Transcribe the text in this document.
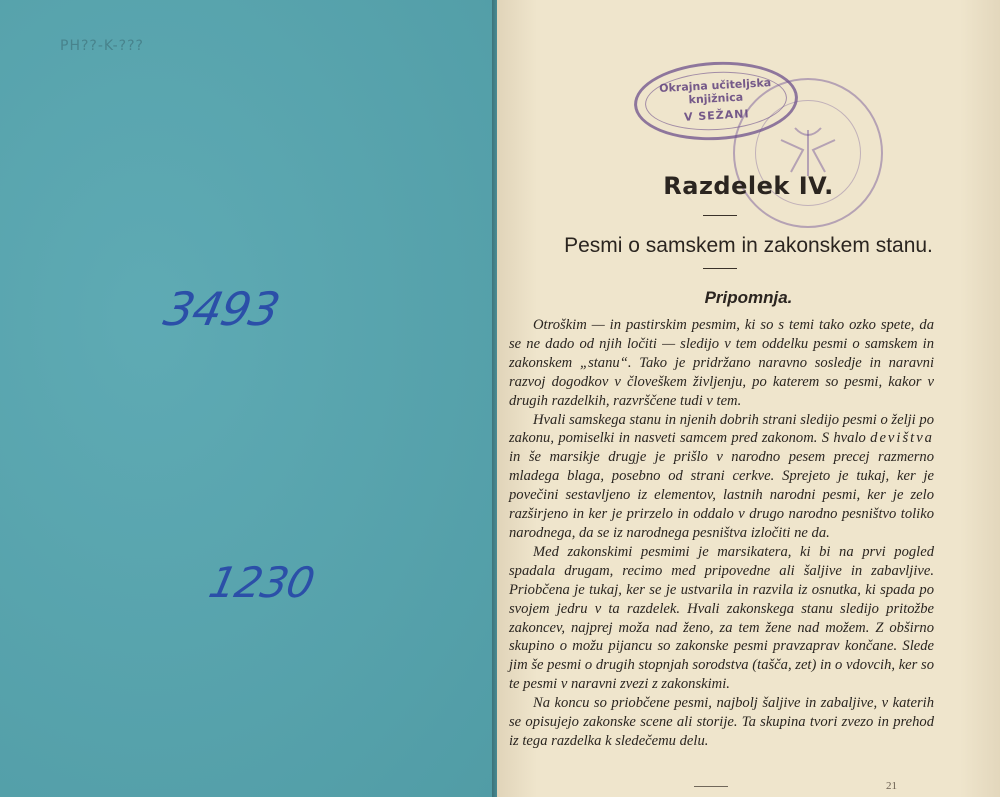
PH??-K-???
3493
1230
Okrajna učiteljska knjižnica
V SEŽANI
Razdelek IV.
Pesmi o samskem in zakonskem stanu.
Pripomnja.

Otroškim — in pastirskim pesmim, ki so s temi tako ozko spete, da se ne dado od njih ločiti — sledijo v tem oddelku pesmi o samskem in zakonskem „stanu“. Tako je pridržano naravno sosledje in naravni razvoj dogodkov v človeškem življenju, po katerem so pesmi, kakor v drugih razdelkih, razvrščene tudi v tem.

Hvali samskega stanu in njenih dobrih strani sledijo pesmi o želji po zakonu, pomiselki in nasveti samcem pred zakonom. S hvalo devištva in še marsikje drugje je prišlo v narodno pesem precej razmerno mladega blaga, posebno od strani cerkve. Sprejeto je tukaj, ker je povečini sestavljeno iz elementov, lastnih narodni pesmi, ker je zelo razširjeno in ker je prirzelo in oddalo v drugo narodno pesništvo toliko narodnega, da se iz narodnega pesništva izločiti ne da.

Med zakonskimi pesmimi je marsikatera, ki bi na prvi pogled spadala drugam, recimo med pripovedne ali šaljive in zabavljive. Priobčena je tukaj, ker se je ustvarila in razvila iz osnutka, ki spada po svojem jedru v ta razdelek. Hvali zakonskega stanu sledijo pritožbe zakoncev, najprej moža nad ženo, za tem žene nad možem. Z obširno skupino o možu pijancu so zakonske pesmi pravzaprav končane. Slede jim še pesmi o drugih stopnjah sorodstva (tašča, zet) in o vdovcih, ker so te pesmi v naravni zvezi z zakonskimi.

Na koncu so priobčene pesmi, najbolj šaljive in zabaljive, v katerih se opisujejo zakonske scene ali storije. Ta skupina tvori zvezo in prehod iz tega razdelka k sledečemu delu.

21
